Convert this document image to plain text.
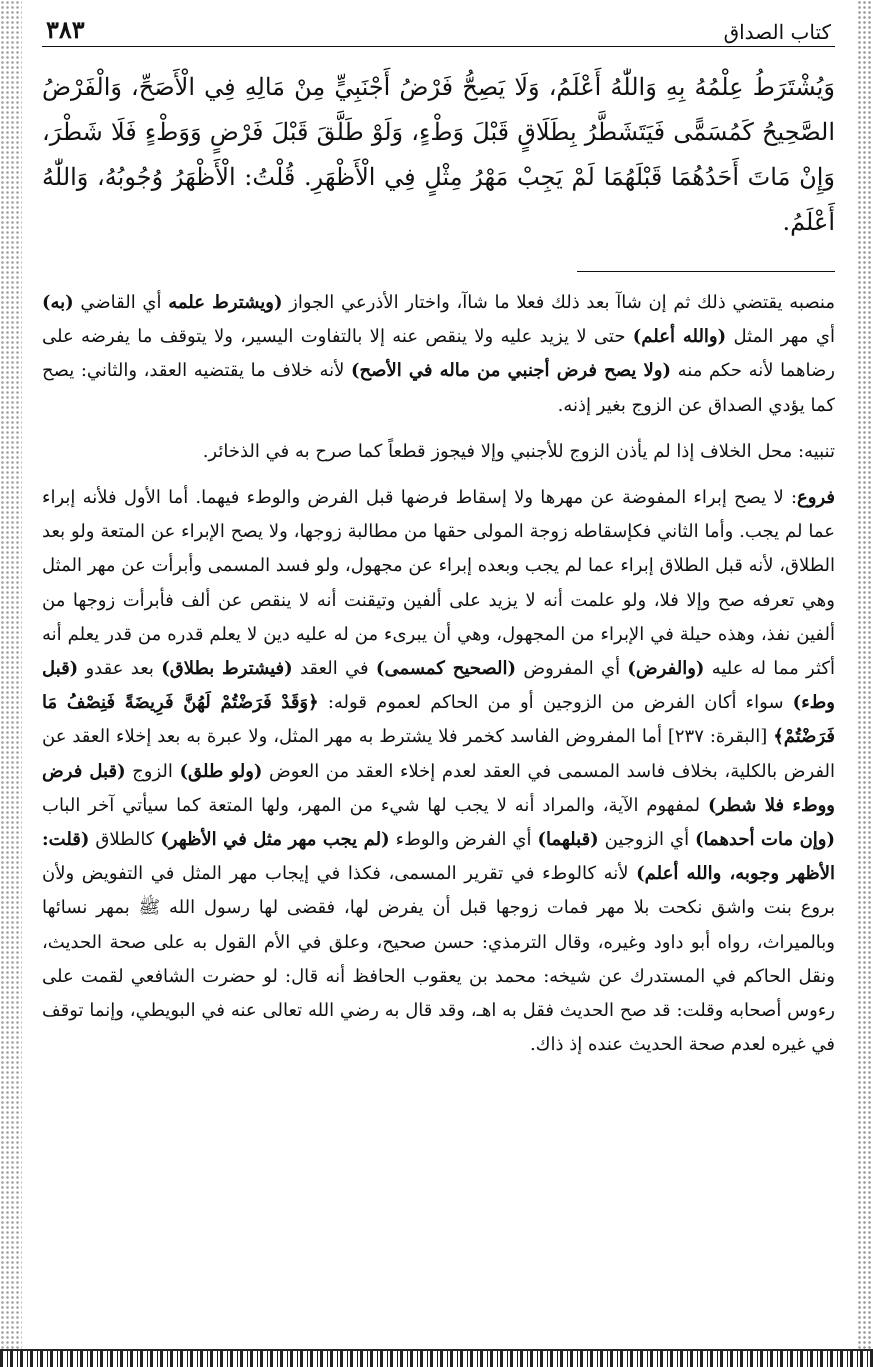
كتاب الصداق
٣٨٣
وَيُشْتَرَطُ عِلْمُهُ بِهِ وَاللّٰهُ أَعْلَمُ، وَلَا يَصِحُّ فَرْضُ أَجْنَبِيٍّ مِنْ مَالِهِ فِي الْأَصَحِّ، وَالْفَرْضُ الصَّحِيحُ كَمُسَمًّى فَيَتَشَطَّرُ بِطَلَاقٍ قَبْلَ وَطْءٍ، وَلَوْ طَلَّقَ قَبْلَ فَرْضٍ وَوَطْءٍ فَلَا شَطْرَ، وَإِنْ مَاتَ أَحَدُهُمَا قَبْلَهُمَا لَمْ يَجِبْ مَهْرُ مِثْلٍ فِي الْأَظْهَرِ. قُلْتُ: الْأَظْهَرُ وُجُوبُهُ، وَاللّٰهُ أَعْلَمُ.

منصبه يقتضي ذلك ثم إن شاآ بعد ذلك فعلا ما شاآ، واختار الأذرعي الجواز (ويشترط علمه أي القاضي (به) أي مهر المثل (والله أعلم) حتى لا يزيد عليه ولا ينقص عنه إلا بالتفاوت اليسير، ولا يتوقف ما يفرضه على رضاهما لأنه حكم منه (ولا يصح فرض أجنبي من ماله في الأصح) لأنه خلاف ما يقتضيه العقد، والثاني: يصح كما يؤدي الصداق عن الزوج بغير إذنه.

تنبيه: محل الخلاف إذا لم يأذن الزوج للأجنبي وإلا فيجوز قطعاً كما صرح به في الذخائر.

فروع: لا يصح إبراء المفوضة عن مهرها ولا إسقاط فرضها قبل الفرض والوطء فيهما. أما الأول فلأنه إبراء عما لم يجب. وأما الثاني فكإسقاطه زوجة المولى حقها من مطالبة زوجها، ولا يصح الإبراء عن المتعة ولو بعد الطلاق، لأنه قبل الطلاق إبراء عما لم يجب وبعده إبراء عن مجهول، ولو فسد المسمى وأبرأت عن مهر المثل وهي تعرفه صح وإلا فلا، ولو علمت أنه لا يزيد على ألفين وتيقنت أنه لا ينقص عن ألف فأبرأت زوجها من ألفين نفذ، وهذه حيلة في الإبراء من المجهول، وهي أن يبرىء من له عليه دين لا يعلم قدره من قدر يعلم أنه أكثر مما له عليه (والفرض) أي المفروض (الصحيح كمسمى) في العقد (فيشترط بطلاق) بعد عقدو (قبل وطء) سواء أكان الفرض من الزوجين أو من الحاكم لعموم قوله: ﴿وَقَدْ فَرَضْتُمْ لَهُنَّ فَرِيضَةً فَنِصْفُ مَا فَرَضْتُمْ﴾ [البقرة: ٢٣٧] أما المفروض الفاسد كخمر فلا يشترط به مهر المثل، ولا عبرة به بعد إخلاء العقد عن الفرض بالكلية، بخلاف فاسد المسمى في العقد لعدم إخلاء العقد من العوض (ولو طلق) الزوج (قبل فرض ووطء فلا شطر) لمفهوم الآية، والمراد أنه لا يجب لها شيء من المهر، ولها المتعة كما سيأتي آخر الباب (وإن مات أحدهما) أي الزوجين (قبلهما) أي الفرض والوطء (لم يجب مهر مثل في الأظهر) كالطلاق (قلت: الأظهر وجوبه، والله أعلم) لأنه كالوطء في تقرير المسمى، فكذا في إيجاب مهر المثل في التفويض ولأن بروع بنت واشق نكحت بلا مهر فمات زوجها قبل أن يفرض لها، فقضى لها رسول الله ﷺ بمهر نسائها وبالميراث، رواه أبو داود وغيره، وقال الترمذي: حسن صحيح، وعلق في الأم القول به على صحة الحديث، ونقل الحاكم في المستدرك عن شيخه: محمد بن يعقوب الحافظ أنه قال: لو حضرت الشافعي لقمت على رءوس أصحابه وقلت: قد صح الحديث فقل به اهـ، وقد قال به رضي الله تعالى عنه في البويطي، وإنما توقف في غيره لعدم صحة الحديث عنده إذ ذاك.
